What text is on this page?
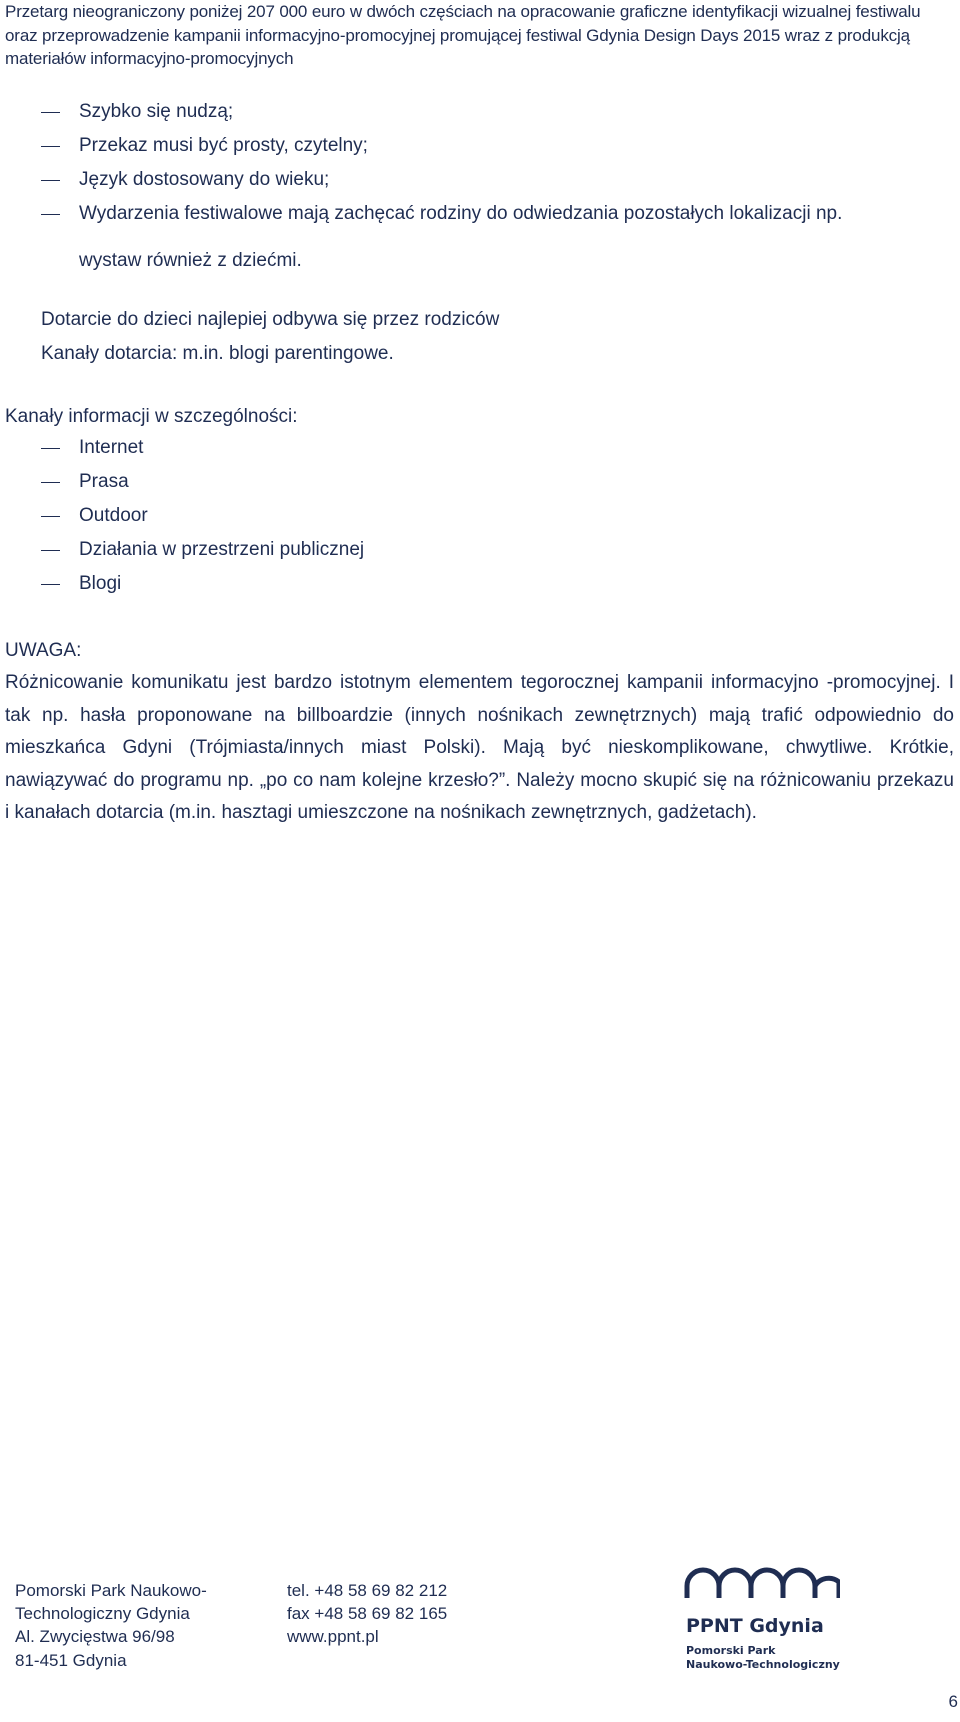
Przetarg nieograniczony poniżej 207 000 euro w dwóch częściach na opracowanie graficzne identyfikacji wizualnej festiwalu
oraz przeprowadzenie kampanii informacyjno-promocyjnej promującej festiwal Gdynia Design Days 2015 wraz z produkcją
materiałów informacyjno-promocyjnych
Szybko się nudzą;
Przekaz musi być prosty, czytelny;
Język dostosowany do wieku;
Wydarzenia festiwalowe mają zachęcać rodziny do odwiedzania pozostałych lokalizacji np.
wystaw również z dziećmi.
Dotarcie do dzieci najlepiej odbywa się przez rodziców
Kanały dotarcia: m.in. blogi parentingowe.
Kanały informacji w szczególności:
Internet
Prasa
Outdoor
Działania w przestrzeni publicznej
Blogi
UWAGA:
Różnicowanie komunikatu jest bardzo istotnym elementem tegorocznej kampanii informacyjno -promocyjnej. I tak np. hasła proponowane na billboardzie (innych nośnikach zewnętrznych) mają trafić odpowiednio do mieszkańca Gdyni (Trójmiasta/innych miast Polski). Mają być nieskomplikowane, chwytliwe. Krótkie, nawiązywać do programu np. „po co nam kolejne krzesło?”. Należy mocno skupić się na różnicowaniu przekazu i kanałach dotarcia (m.in. hasztagi umieszczone na nośnikach zewnętrznych, gadżetach).
Pomorski Park Naukowo-
Technologiczny Gdynia
Al. Zwycięstwa 96/98
81-451 Gdynia
tel. +48 58 69 82 212
fax +48 58 69 82 165
www.ppnt.pl	PPNT Gdynia
Pomorski Park
Naukowo-Technologiczny
6
